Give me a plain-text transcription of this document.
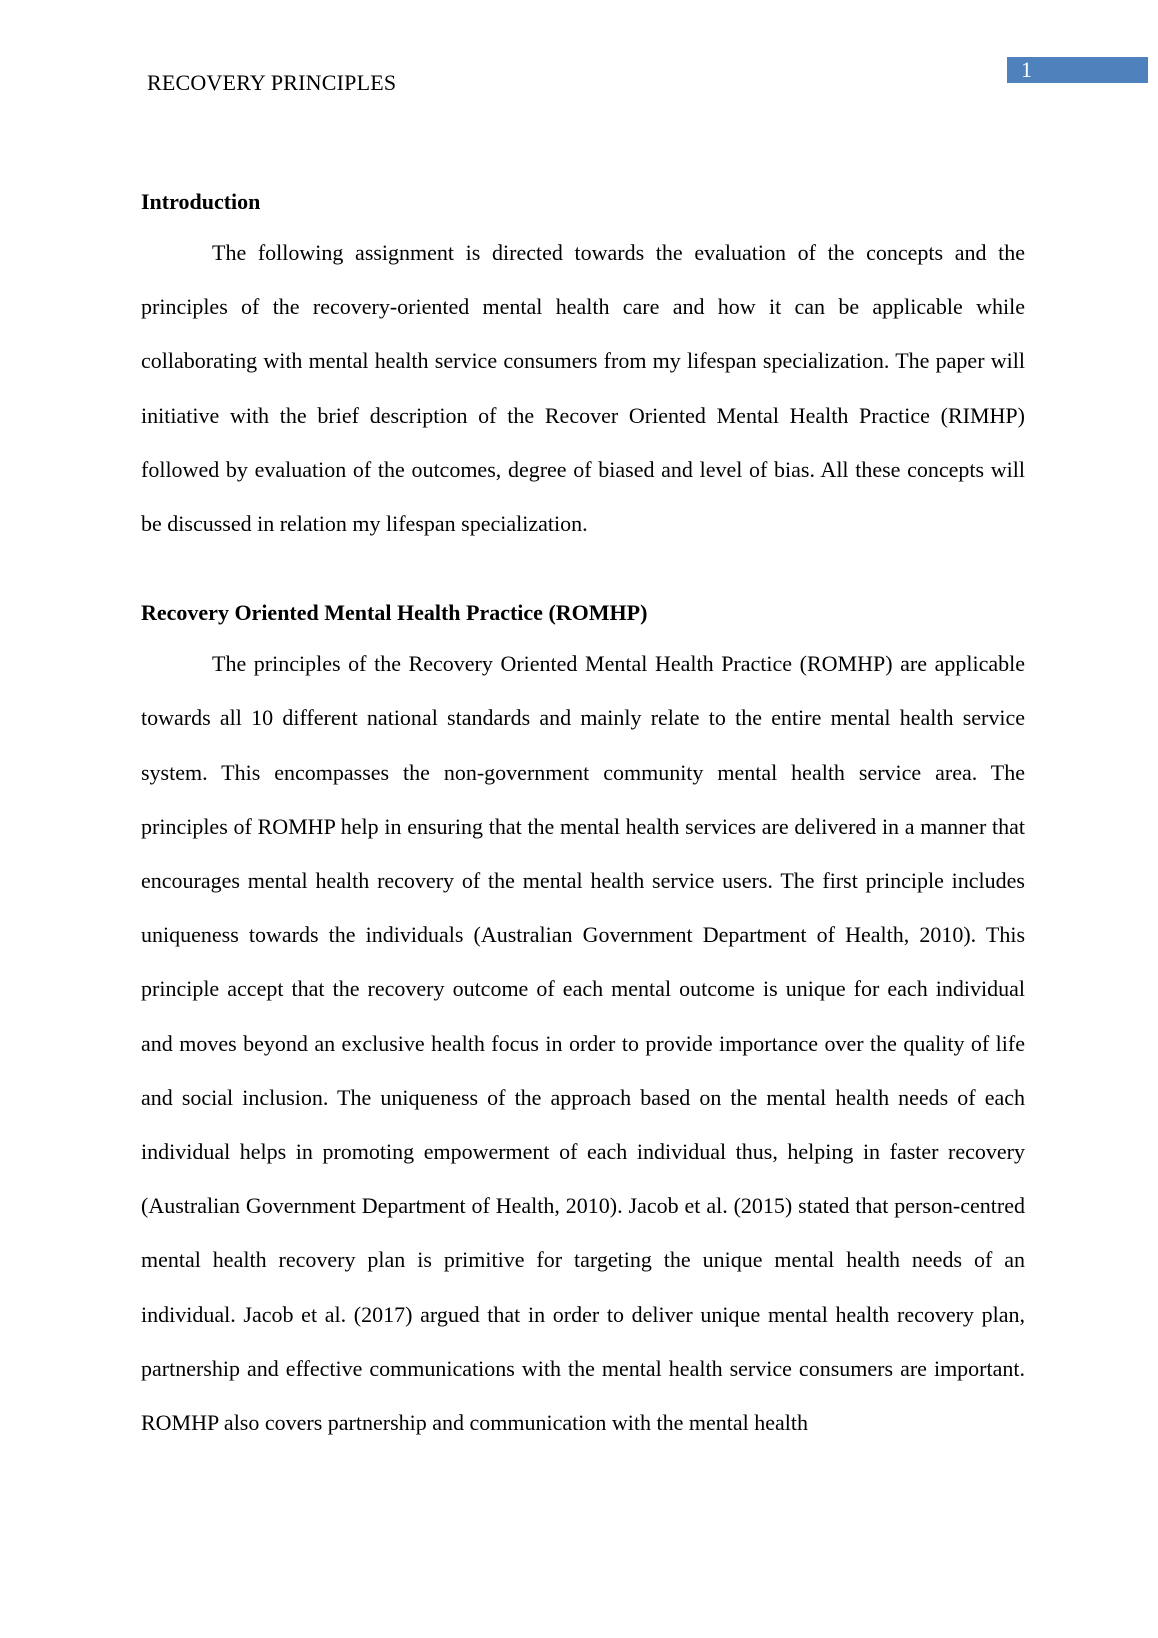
RECOVERY PRINCIPLES
1
Introduction

The following assignment is directed towards the evaluation of the concepts and the principles of the recovery-oriented mental health care and how it can be applicable while collaborating with mental health service consumers from my lifespan specialization. The paper will initiative with the brief description of the Recover Oriented Mental Health Practice (RIMHP) followed by evaluation of the outcomes, degree of biased and level of bias. All these concepts will be discussed in relation my lifespan specialization.

Recovery Oriented Mental Health Practice (ROMHP)

The principles of the Recovery Oriented Mental Health Practice (ROMHP) are applicable towards all 10 different national standards and mainly relate to the entire mental health service system. This encompasses the non-government community mental health service area. The principles of ROMHP help in ensuring that the mental health services are delivered in a manner that encourages mental health recovery of the mental health service users. The first principle includes uniqueness towards the individuals (Australian Government Department of Health, 2010). This principle accept that the recovery outcome of each mental outcome is unique for each individual and moves beyond an exclusive health focus in order to provide importance over the quality of life and social inclusion. The uniqueness of the approach based on the mental health needs of each individual helps in promoting empowerment of each individual thus, helping in faster recovery (Australian Government Department of Health, 2010). Jacob et al. (2015) stated that person-centred mental health recovery plan is primitive for targeting the unique mental health needs of an individual. Jacob et al. (2017) argued that in order to deliver unique mental health recovery plan, partnership and effective communications with the mental health service consumers are important. ROMHP also covers partnership and communication with the mental health
